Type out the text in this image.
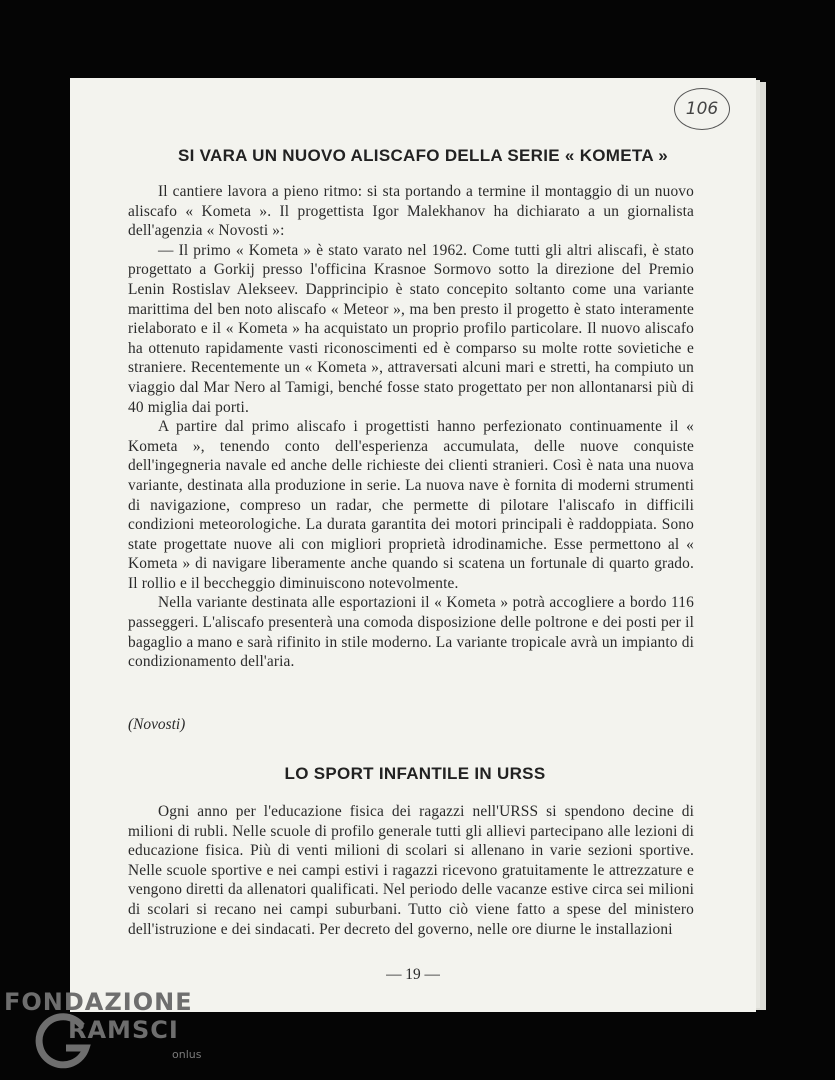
106
SI VARA UN NUOVO ALISCAFO DELLA SERIE « KOMETA »

Il cantiere lavora a pieno ritmo: si sta portando a termine il montaggio di un nuovo aliscafo « Kometa ». Il progettista Igor Malekhanov ha dichiarato a un giornalista dell'agenzia « Novosti »:

— Il primo « Kometa » è stato varato nel 1962. Come tutti gli altri aliscafi, è stato progettato a Gorkij presso l'officina Krasnoe Sormovo sotto la direzione del Premio Lenin Rostislav Alekseev. Dapprincipio è stato concepito soltanto come una variante marittima del ben noto aliscafo « Meteor », ma ben presto il progetto è stato interamente rielaborato e il « Kometa » ha acquistato un proprio profilo particolare. Il nuovo aliscafo ha ottenuto rapidamente vasti riconoscimenti ed è comparso su molte rotte sovietiche e straniere. Recentemente un « Kometa », attraversati alcuni mari e stretti, ha compiuto un viaggio dal Mar Nero al Tamigi, benché fosse stato progettato per non allontanarsi più di 40 miglia dai porti.

A partire dal primo aliscafo i progettisti hanno perfezionato continuamente il « Kometa », tenendo conto dell'esperienza accumulata, delle nuove conquiste dell'ingegneria navale ed anche delle richieste dei clienti stranieri. Così è nata una nuova variante, destinata alla produzione in serie. La nuova nave è fornita di moderni strumenti di navigazione, compreso un radar, che permette di pilotare l'aliscafo in difficili condizioni meteorologiche. La durata garantita dei motori principali è raddoppiata. Sono state progettate nuove ali con migliori proprietà idrodinamiche. Esse permettono al « Kometa » di navigare liberamente anche quando si scatena un fortunale di quarto grado. Il rollio e il beccheggio diminuiscono notevolmente.

Nella variante destinata alle esportazioni il « Kometa » potrà accogliere a bordo 116 passeggeri. L'aliscafo presenterà una comoda disposizione delle poltrone e dei posti per il bagaglio a mano e sarà rifinito in stile moderno. La variante tropicale avrà un impianto di condizionamento dell'aria.

(Novosti)

LO SPORT INFANTILE IN URSS

Ogni anno per l'educazione fisica dei ragazzi nell'URSS si spendono decine di milioni di rubli. Nelle scuole di profilo generale tutti gli allievi partecipano alle lezioni di educazione fisica. Più di venti milioni di scolari si allenano in varie sezioni sportive. Nelle scuole sportive e nei campi estivi i ragazzi ricevono gratuitamente le attrezzature e vengono diretti da allenatori qualificati. Nel periodo delle vacanze estive circa sei milioni di scolari si recano nei campi suburbani. Tutto ciò viene fatto a spese del ministero dell'istruzione e dei sindacati. Per decreto del governo, nelle ore diurne le installazioni

— 19 —

FONDAZIONE

RAMSCI

onlus
